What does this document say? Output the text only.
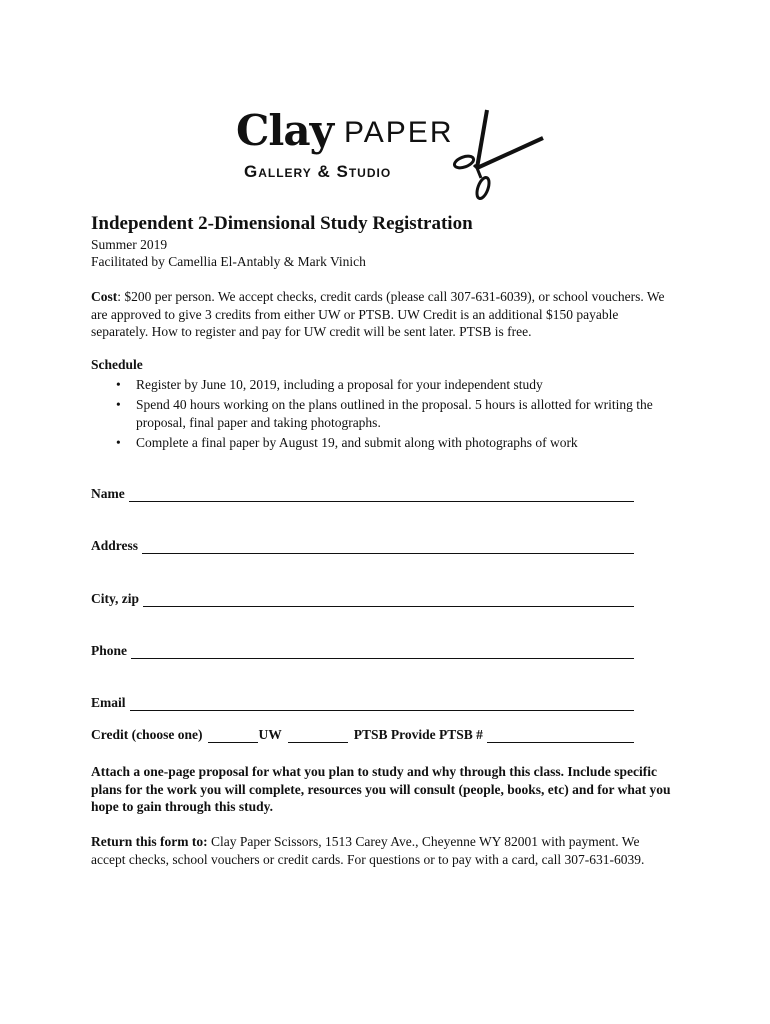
Clay PAPER
Gallery & Studio
Independent 2-Dimensional Study Registration
Summer 2019
Facilitated by Camellia El-Antably & Mark Vinich
Cost: $200 per person. We accept checks, credit cards (please call 307-631-6039), or school vouchers. We are approved to give 3 credits from either UW or PTSB. UW Credit is an additional $150 payable separately. How to register and pay for UW credit will be sent later. PTSB is free.
Schedule
• Register by June 10, 2019, including a proposal for your independent study
• Spend 40 hours working on the plans outlined in the proposal. 5 hours is allotted for writing the proposal, final paper and taking photographs.
• Complete a final paper by August 19, and submit along with photographs of work
Name
Address
City, zip
Phone
Email
Credit (choose one)	UW	PTSB Provide PTSB #
Attach a one-page proposal for what you plan to study and why through this class. Include specific plans for the work you will complete, resources you will consult (people, books, etc) and for what you hope to gain through this study.
Return this form to: Clay Paper Scissors, 1513 Carey Ave., Cheyenne WY 82001 with payment. We accept checks, school vouchers or credit cards. For questions or to pay with a card, call 307-631-6039.
